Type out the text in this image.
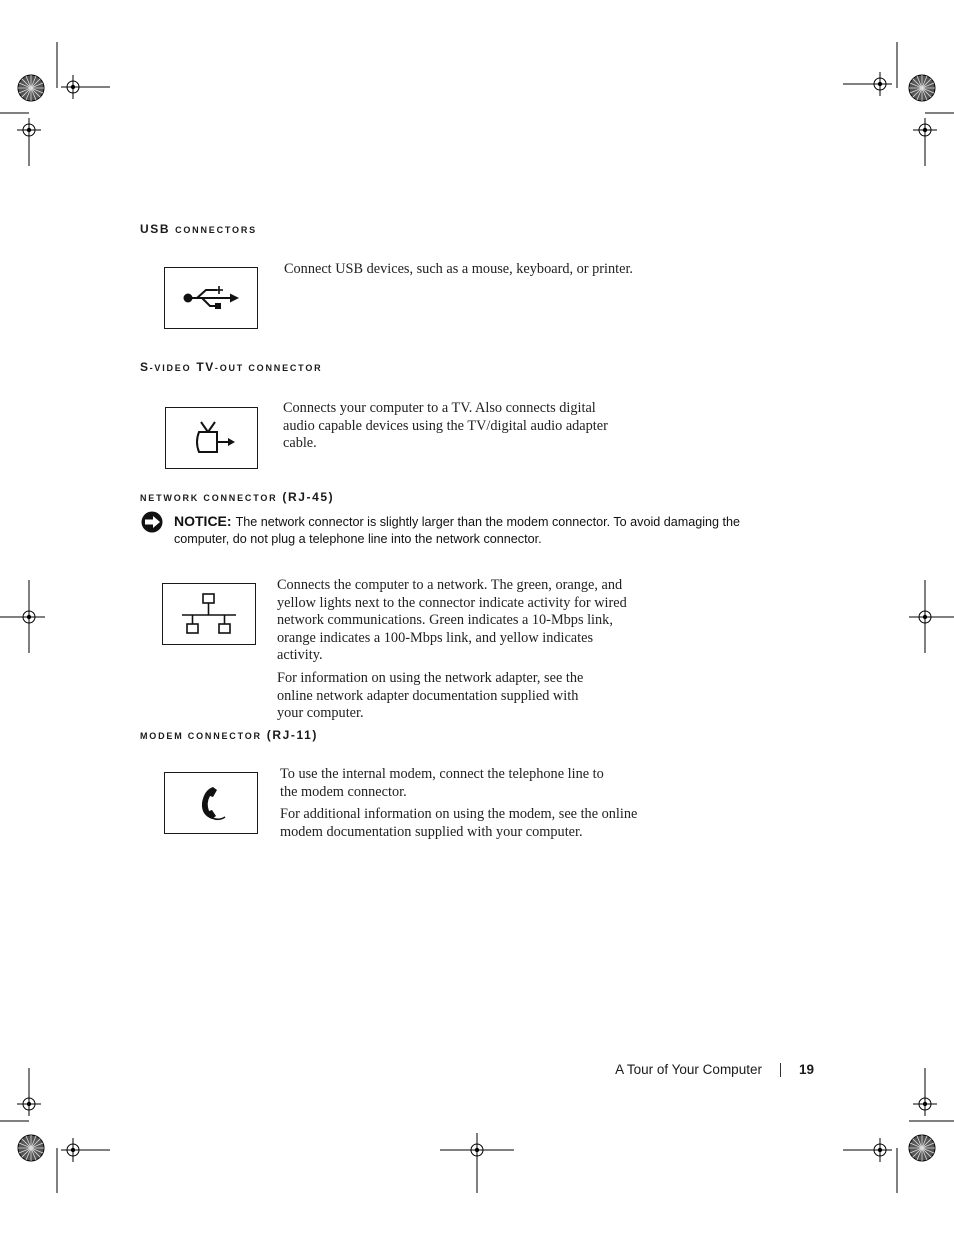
USB CONNECTORS

Connect USB devices, such as a mouse, keyboard, or printer.

S-VIDEO TV-OUT CONNECTOR

Connects your computer to a TV. Also connects digital audio capable devices using the TV/digital audio adapter cable.

NETWORK CONNECTOR (RJ-45)
NOTICE: The network connector is slightly larger than the modem connector. To avoid damaging the computer, do not plug a telephone line into the network connector.

Connects the computer to a network. The green, orange, and yellow lights next to the connector indicate activity for wired network communications. Green indicates a 10-Mbps link, orange indicates a 100-Mbps link, and yellow indicates activity.

For information on using the network adapter, see the online network adapter documentation supplied with your computer.

MODEM CONNECTOR (RJ-11)

To use the internal modem, connect the telephone line to the modem connector.

For additional information on using the modem, see the online modem documentation supplied with your computer.

A Tour of Your Computer	19
